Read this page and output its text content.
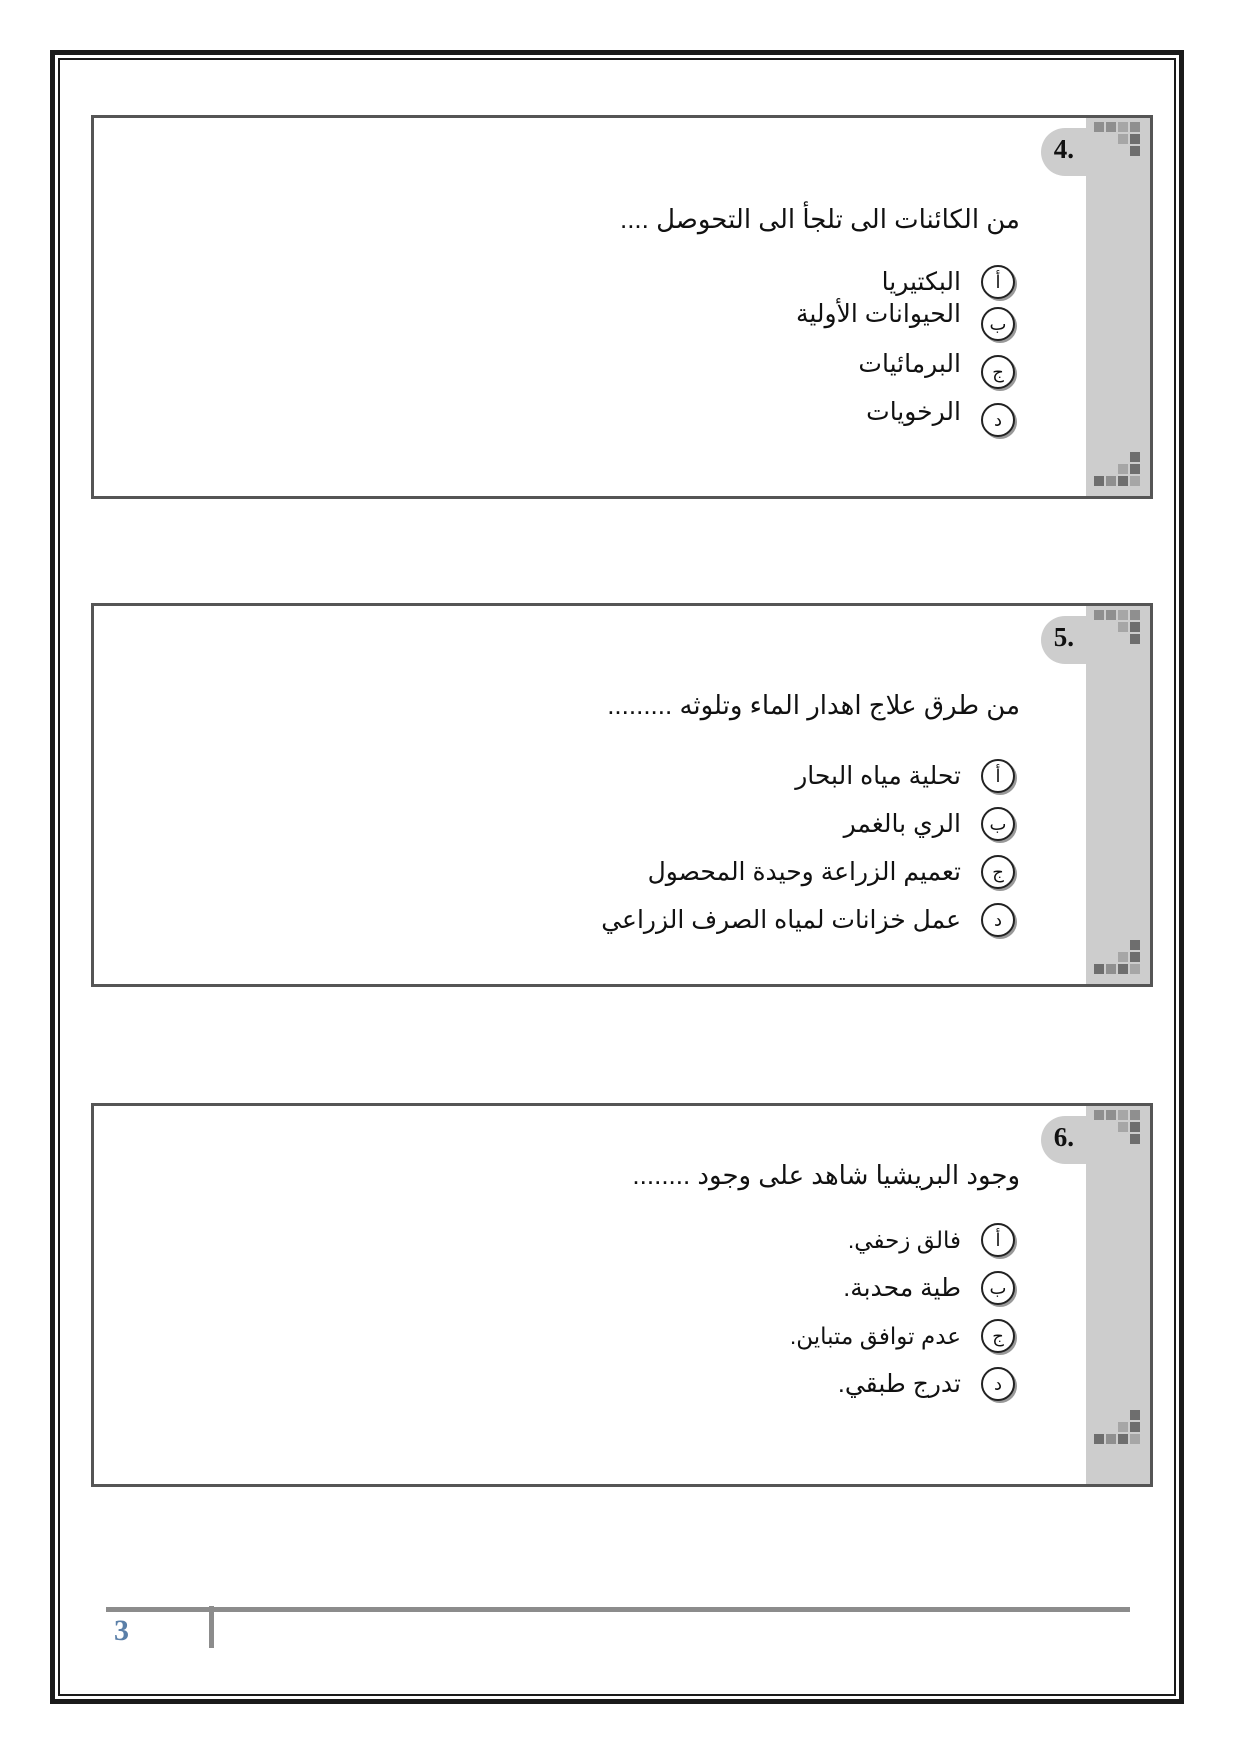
4.
من الكائنات الى تلجأ الى التحوصل ....
أ
البكتيريا
ب
الحيوانات الأولية
ج
البرمائيات
د
الرخويات
5.
من طرق علاج اهدار الماء وتلوثه .........
أ
تحلية مياه البحار
ب
الري بالغمر
ج
تعميم الزراعة وحيدة المحصول
د
عمل خزانات لمياه الصرف الزراعي
6.
وجود البريشيا شاهد على وجود ........
أ
فالق زحفي.
ب
طية محدبة.
ج
عدم توافق متباين.
د
تدرج طبقي.
3
